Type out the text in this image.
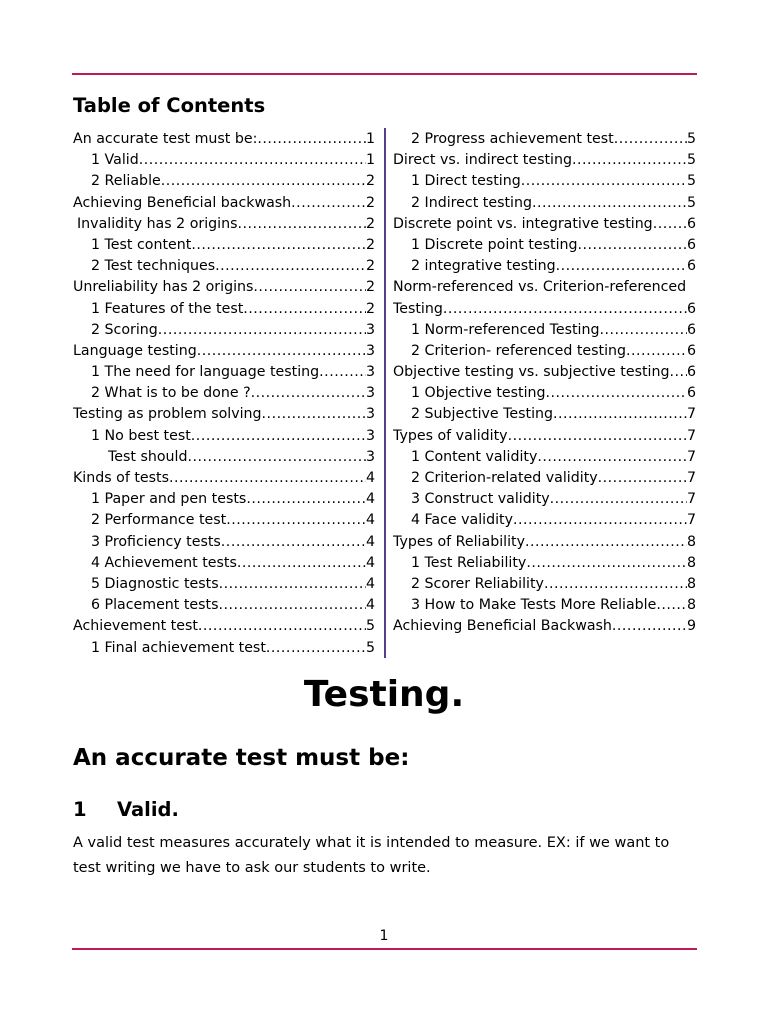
Table of Contents
An accurate test must be: .....	1
1 Valid .....	1
2 Reliable .....	2
Achieving Beneficial backwash .....	2
Invalidity has 2 origins .....	2
1 Test content .....	2
2 Test techniques .....	2
Unreliability has 2 origins .....	2
1 Features of the test .....	2
2 Scoring .....	3
Language testing .....	3
1 The need for language testing .....	3
2 What is to be done ? .....	3
Testing as problem solving .....	3
1 No best test .....	3
Test should .....	3
Kinds of tests .....	4
1 Paper and pen tests .....	4
2 Performance test .....	4
3 Proficiency tests .....	4
4 Achievement tests .....	4
5 Diagnostic tests .....	4
6 Placement tests .....	4
Achievement test .....	5
1 Final achievement test .....	5
2 Progress achievement test .....	5
Direct vs. indirect testing .....	5
1 Direct testing .....	5
2 Indirect testing .....	5
Discrete point vs. integrative testing ..... 6
1 Discrete point testing .....	6
2 integrative testing .....	6
Norm-referenced vs. Criterion-referenced
Testing .....	6
1 Norm-referenced Testing .....	6
2 Criterion- referenced testing .....	6
Objective testing vs. subjective testing ..... 6
1 Objective testing .....	6
2 Subjective Testing .....	7
Types of validity .....	7
1 Content validity .....	7
2 Criterion-related validity .....	7
3 Construct validity .....	7
4 Face validity .....	7
Types of Reliability .....	8
1 Test Reliability .....	8
2 Scorer Reliability .....	8
3 How to Make Tests More Reliable ..... 8
Achieving Beneficial Backwash .....	9
Testing.
An accurate test must be:
1 Valid.

A valid test measures accurately what it is intended to measure. EX: if we want to test writing we have to ask our students to write.

1
